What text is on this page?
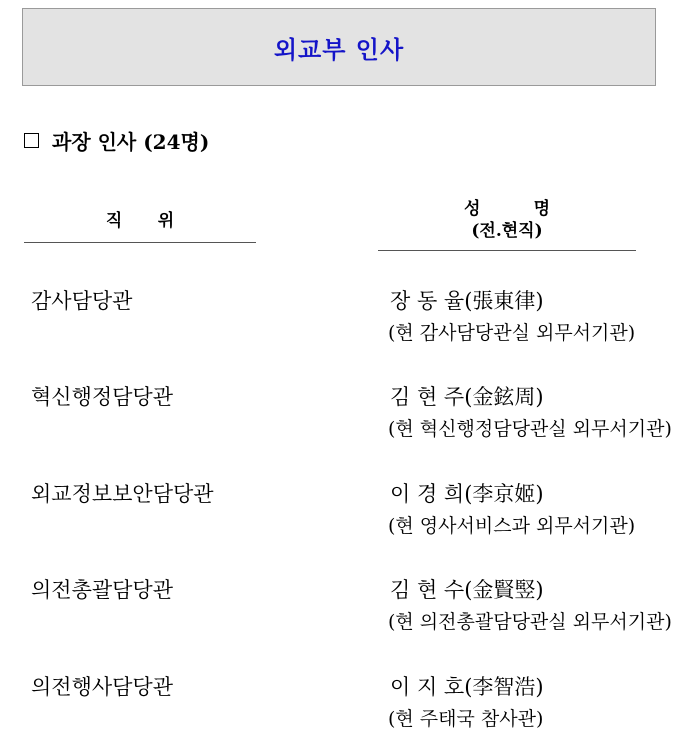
외교부 인사
과장 인사 (24명)
직      위
성         명
(전.현직)
감사담당관	장 동 율(張東律)
(현 감사담당관실 외무서기관)
혁신행정담당관	김 현 주(金鉉周)
(현 혁신행정담당관실 외무서기관)
외교정보보안담당관	이 경 희(李京姬)
(현 영사서비스과 외무서기관)
의전총괄담당관	김 현 수(金賢竪)
(현 의전총괄담당관실 외무서기관)
의전행사담당관	이 지 호(李智浩)
(현 주태국 참사관)
